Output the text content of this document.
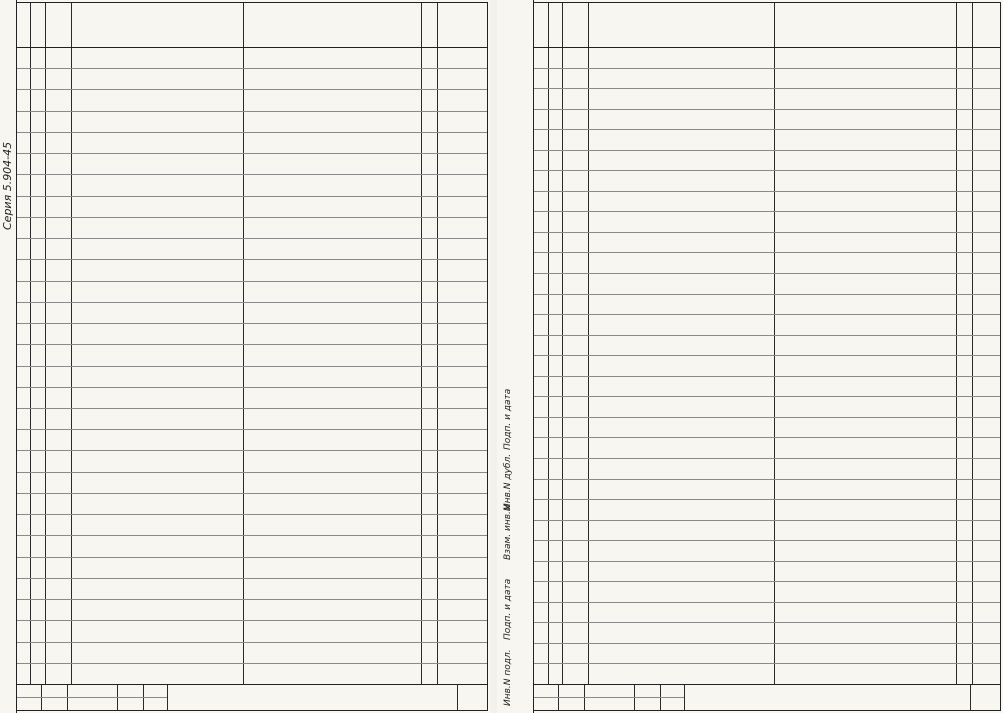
Серия 5.904-45
Инв.N подл.
Подп. и дата
Взам. инв.N
Инв.N дубл.
Подп. и дата
